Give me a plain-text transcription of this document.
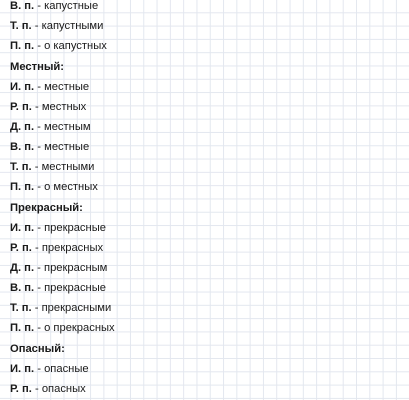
В. п. - капустные
Т. п. - капустными
П. п. - о капустных
Местный:
И. п. - местные
Р. п. - местных
Д. п. - местным
В. п. - местные
Т. п. - местными
П. п. - о местных
Прекрасный:
И. п. - прекрасные
Р. п. - прекрасных
Д. п. - прекрасным
В. п. - прекрасные
Т. п. - прекрасными
П. п. - о прекрасных
Опасный:
И. п. - опасные
Р. п. - опасных
